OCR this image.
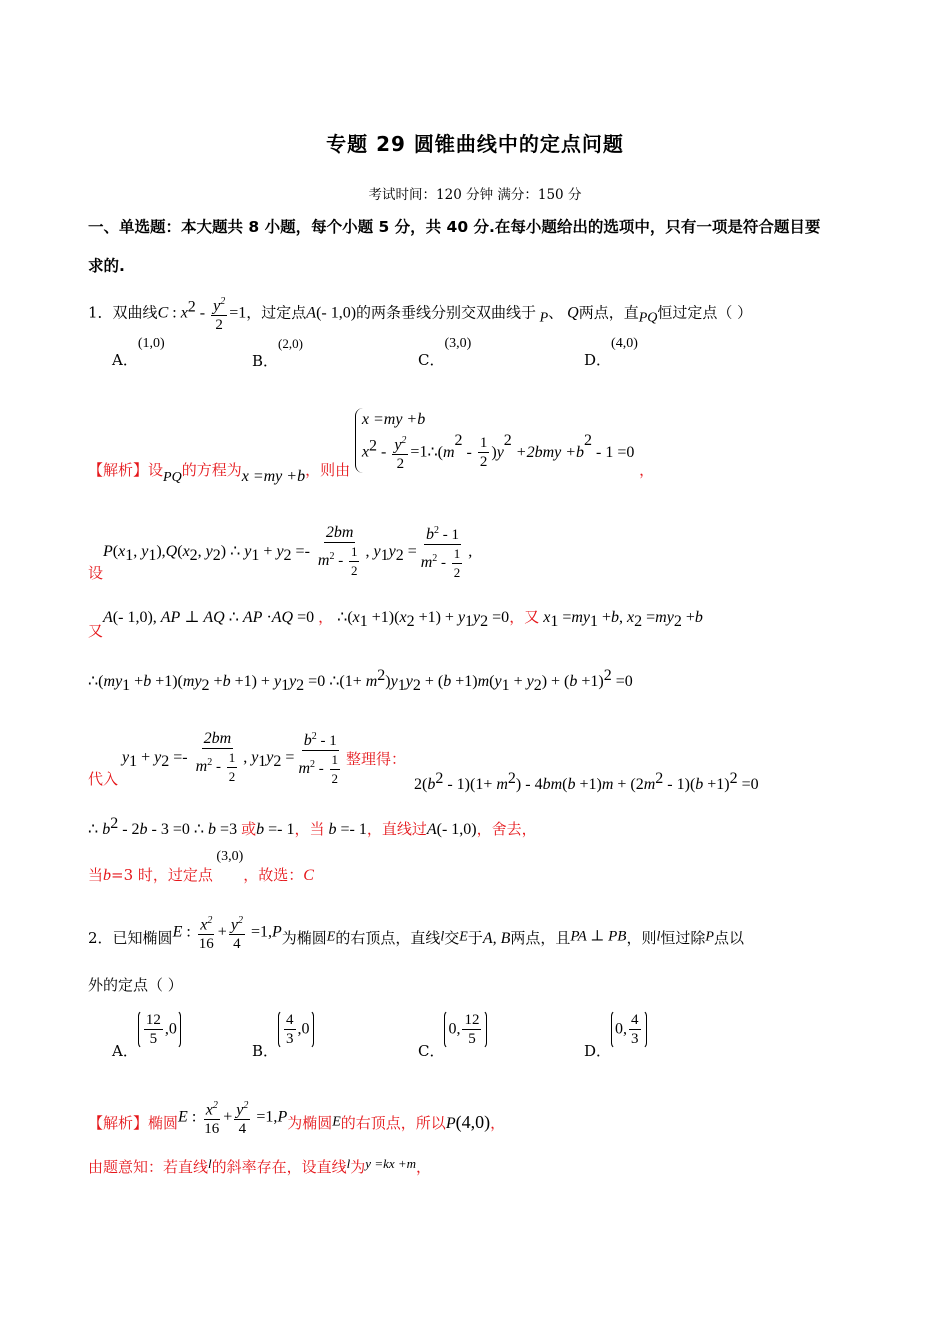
专题 29 圆锥曲线中的定点问题
考试时间：120 分钟 满分：150 分
一、单选题：本大题共 8 小题，每个小题 5 分，共 40 分.在每小题给出的选项中，只有一项是符合题目要
求的.
1．双曲线C : $x^2 - \frac{y^2}{2} =1$，过定点A(- 1,0)的两条垂线分别交双曲线于 $_P$、 Q两点，直$_{PQ}$恒过定点（ ）
A．$^{(1,0)}$
B．$^{(2,0)}$
C．$^{(3,0)}$
D．$^{(4,0)}$
【解析】设PQ的方程为x =my +b，则由
x =my +b
$x^2 - \frac{y^2}{2} =1$ $\therefore(m^2 - \frac{1}{2} )y^2 +2bmy +b^2 - 1 =0$ ，
设$P(x_1$, $y_1),Q(x_2$, $y_2$) ∴ $y_1 + y_2 =- \frac{2bm}{m^2 - \frac{1}{2}}$ , $y_1y_2 = \frac{b^2 - 1}{m^2 - \frac{1}{2}}$ ,
又A(- 1,0), AP ⊥ AQ ∴ AP ·AQ =0 ， $\therefore(x_1 +1)(x_2 +1) + y_1y_2 =0$，又 $x_1 =my_1 +b$, $x_2 =my_2 +b$
$\therefore(my_1 +b +1)(my_2 +b +1) + y_1y_2 =0$ ∴(1+ $m^2)y_1y_2 + (b +1)m(y_1 + y_2) + (b +1)^2 =0$
代入 $y_1 + y_2 =- \frac{2bm}{m^2 - \frac{1}{2}}$ , $y_1y_2 = \frac{b^2 - 1}{m^2 - \frac{1}{2}}$ 整理得：
$2(b^2 - 1)(1+ m^2) - 4bm(b +1)m + (2m^2 - 1)(b +1)^2 =0$
∴ $b^2 - 2b - 3 =0$ ∴ b =3 或b =- 1，当 b =- 1，直线过A(- 1,0)，舍去，
当b=3 时，过定点 $^{(3,0)}$，故选：C
2．已知椭圆E : $\frac{x^2}{16} + \frac{y^2}{4} =1,P$为椭圆$_E$的右顶点，直线$_l$交$_E$于A, B两点，且$_{PA \perp PB}$，则$_l$恒过除$_P$点以
外的定点（ ）
A．
$\frac{12}{5} ,0$
B．
$\frac{4}{3} ,0$
C．0, $\frac{12}{5}$
D．0, $\frac{4}{3}$
【解析】椭圆E : $\frac{x^2}{16} + \frac{y^2}{4} =1,P$为椭圆$_E$的右顶点，所以P(4,0)，
由题意知：若直线l的斜率存在，设直线l为y =kx +m，
